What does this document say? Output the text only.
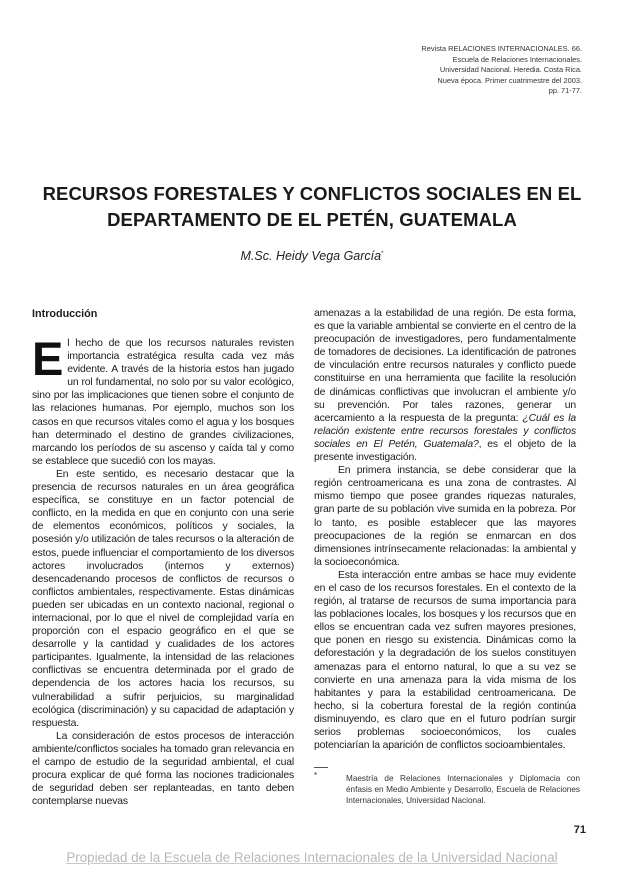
Revista RELACIONES INTERNACIONALES. 66.
Escuela de Relaciones Internacionales.
Universidad Nacional. Heredia. Costa Rica.
Nueva época. Primer cuatrimestre del 2003.
pp. 71-77.
RECURSOS FORESTALES Y CONFLICTOS SOCIALES EN EL
DEPARTAMENTO DE EL PETÉN, GUATEMALA
M.Sc. Heidy Vega García*
Introducción

El hecho de que los recursos naturales revisten importancia estratégica resulta cada vez más evidente. A través de la historia estos han jugado un rol fundamental, no solo por su valor ecológico, sino por las implicaciones que tienen sobre el conjunto de las relaciones humanas. Por ejemplo, muchos son los casos en que recursos vitales como el agua y los bosques han determinado el destino de grandes civilizaciones, marcando los períodos de su ascenso y caída tal y como se establece que sucedió con los mayas.

En este sentido, es necesario destacar que la presencia de recursos naturales en un área geográfica específica, se constituye en un factor potencial de conflicto, en la medida en que en conjunto con una serie de elementos económicos, políticos y sociales, la posesión y/o utilización de tales recursos o la alteración de estos, puede influenciar el comportamiento de los diversos actores involucrados (internos y externos) desencadenando procesos de conflictos de recursos o conflictos ambientales, respectivamente. Estas dinámicas pueden ser ubicadas en un contexto nacional, regional o internacional, por lo que el nivel de complejidad varía en proporción con el espacio geográfico en el que se desarrolle y la cantidad y cualidades de los actores participantes. Igualmente, la intensidad de las relaciones conflictivas se encuentra determinada por el grado de dependencia de los actores hacia los recursos, su vulnerabilidad a sufrir perjuicios, su marginalidad ecológica (discriminación) y su capacidad de adaptación y respuesta.

La consideración de estos procesos de interacción ambiente/conflictos sociales ha tomado gran relevancia en el campo de estudio de la seguridad ambiental, el cual procura explicar de qué forma las nociones tradicionales de seguridad deben ser replanteadas, en tanto deben contemplarse nuevas

amenazas a la estabilidad de una región. De esta forma, es que la variable ambiental se convierte en el centro de la preocupación de investigadores, pero fundamentalmente de tomadores de decisiones. La identificación de patrones de vinculación entre recursos naturales y conflicto puede constituirse en una herramienta que facilite la resolución de dinámicas conflictivas que involucran el ambiente y/o su prevención. Por tales razones, generar un acercamiento a la respuesta de la pregunta: ¿Cuál es la relación existente entre recursos forestales y conflictos sociales en El Petén, Guatemala?, es el objeto de la presente investigación.

En primera instancia, se debe considerar que la región centroamericana es una zona de contrastes. Al mismo tiempo que posee grandes riquezas naturales, gran parte de su población vive sumida en la pobreza. Por lo tanto, es posible establecer que las mayores preocupaciones de la región se enmarcan en dos dimensiones intrínsecamente relacionadas: la ambiental y la socioeconómica.

Esta interacción entre ambas se hace muy evidente en el caso de los recursos forestales. En el contexto de la región, al tratarse de recursos de suma importancia para las poblaciones locales, los bosques y los recursos que en ellos se encuentran cada vez sufren mayores presiones, que ponen en riesgo su existencia. Dinámicas como la deforestación y la degradación de los suelos constituyen amenazas para el entorno natural, lo que a su vez se convierte en una amenaza para la vida misma de los habitantes y para la estabilidad centroamericana. De hecho, si la cobertura forestal de la región continúa disminuyendo, es claro que en el futuro podrían surgir serios problemas socioeconómicos, los cuales potenciarían la aparición de conflictos socioambientales.

*	Maestría de Relaciones Internacionales y Diplomacia con énfasis en Medio Ambiente y Desarrollo, Escuela de Relaciones Internacionales, Universidad Nacional.
71
Propiedad de la Escuela de Relaciones Internacionales de la Universidad Nacional
